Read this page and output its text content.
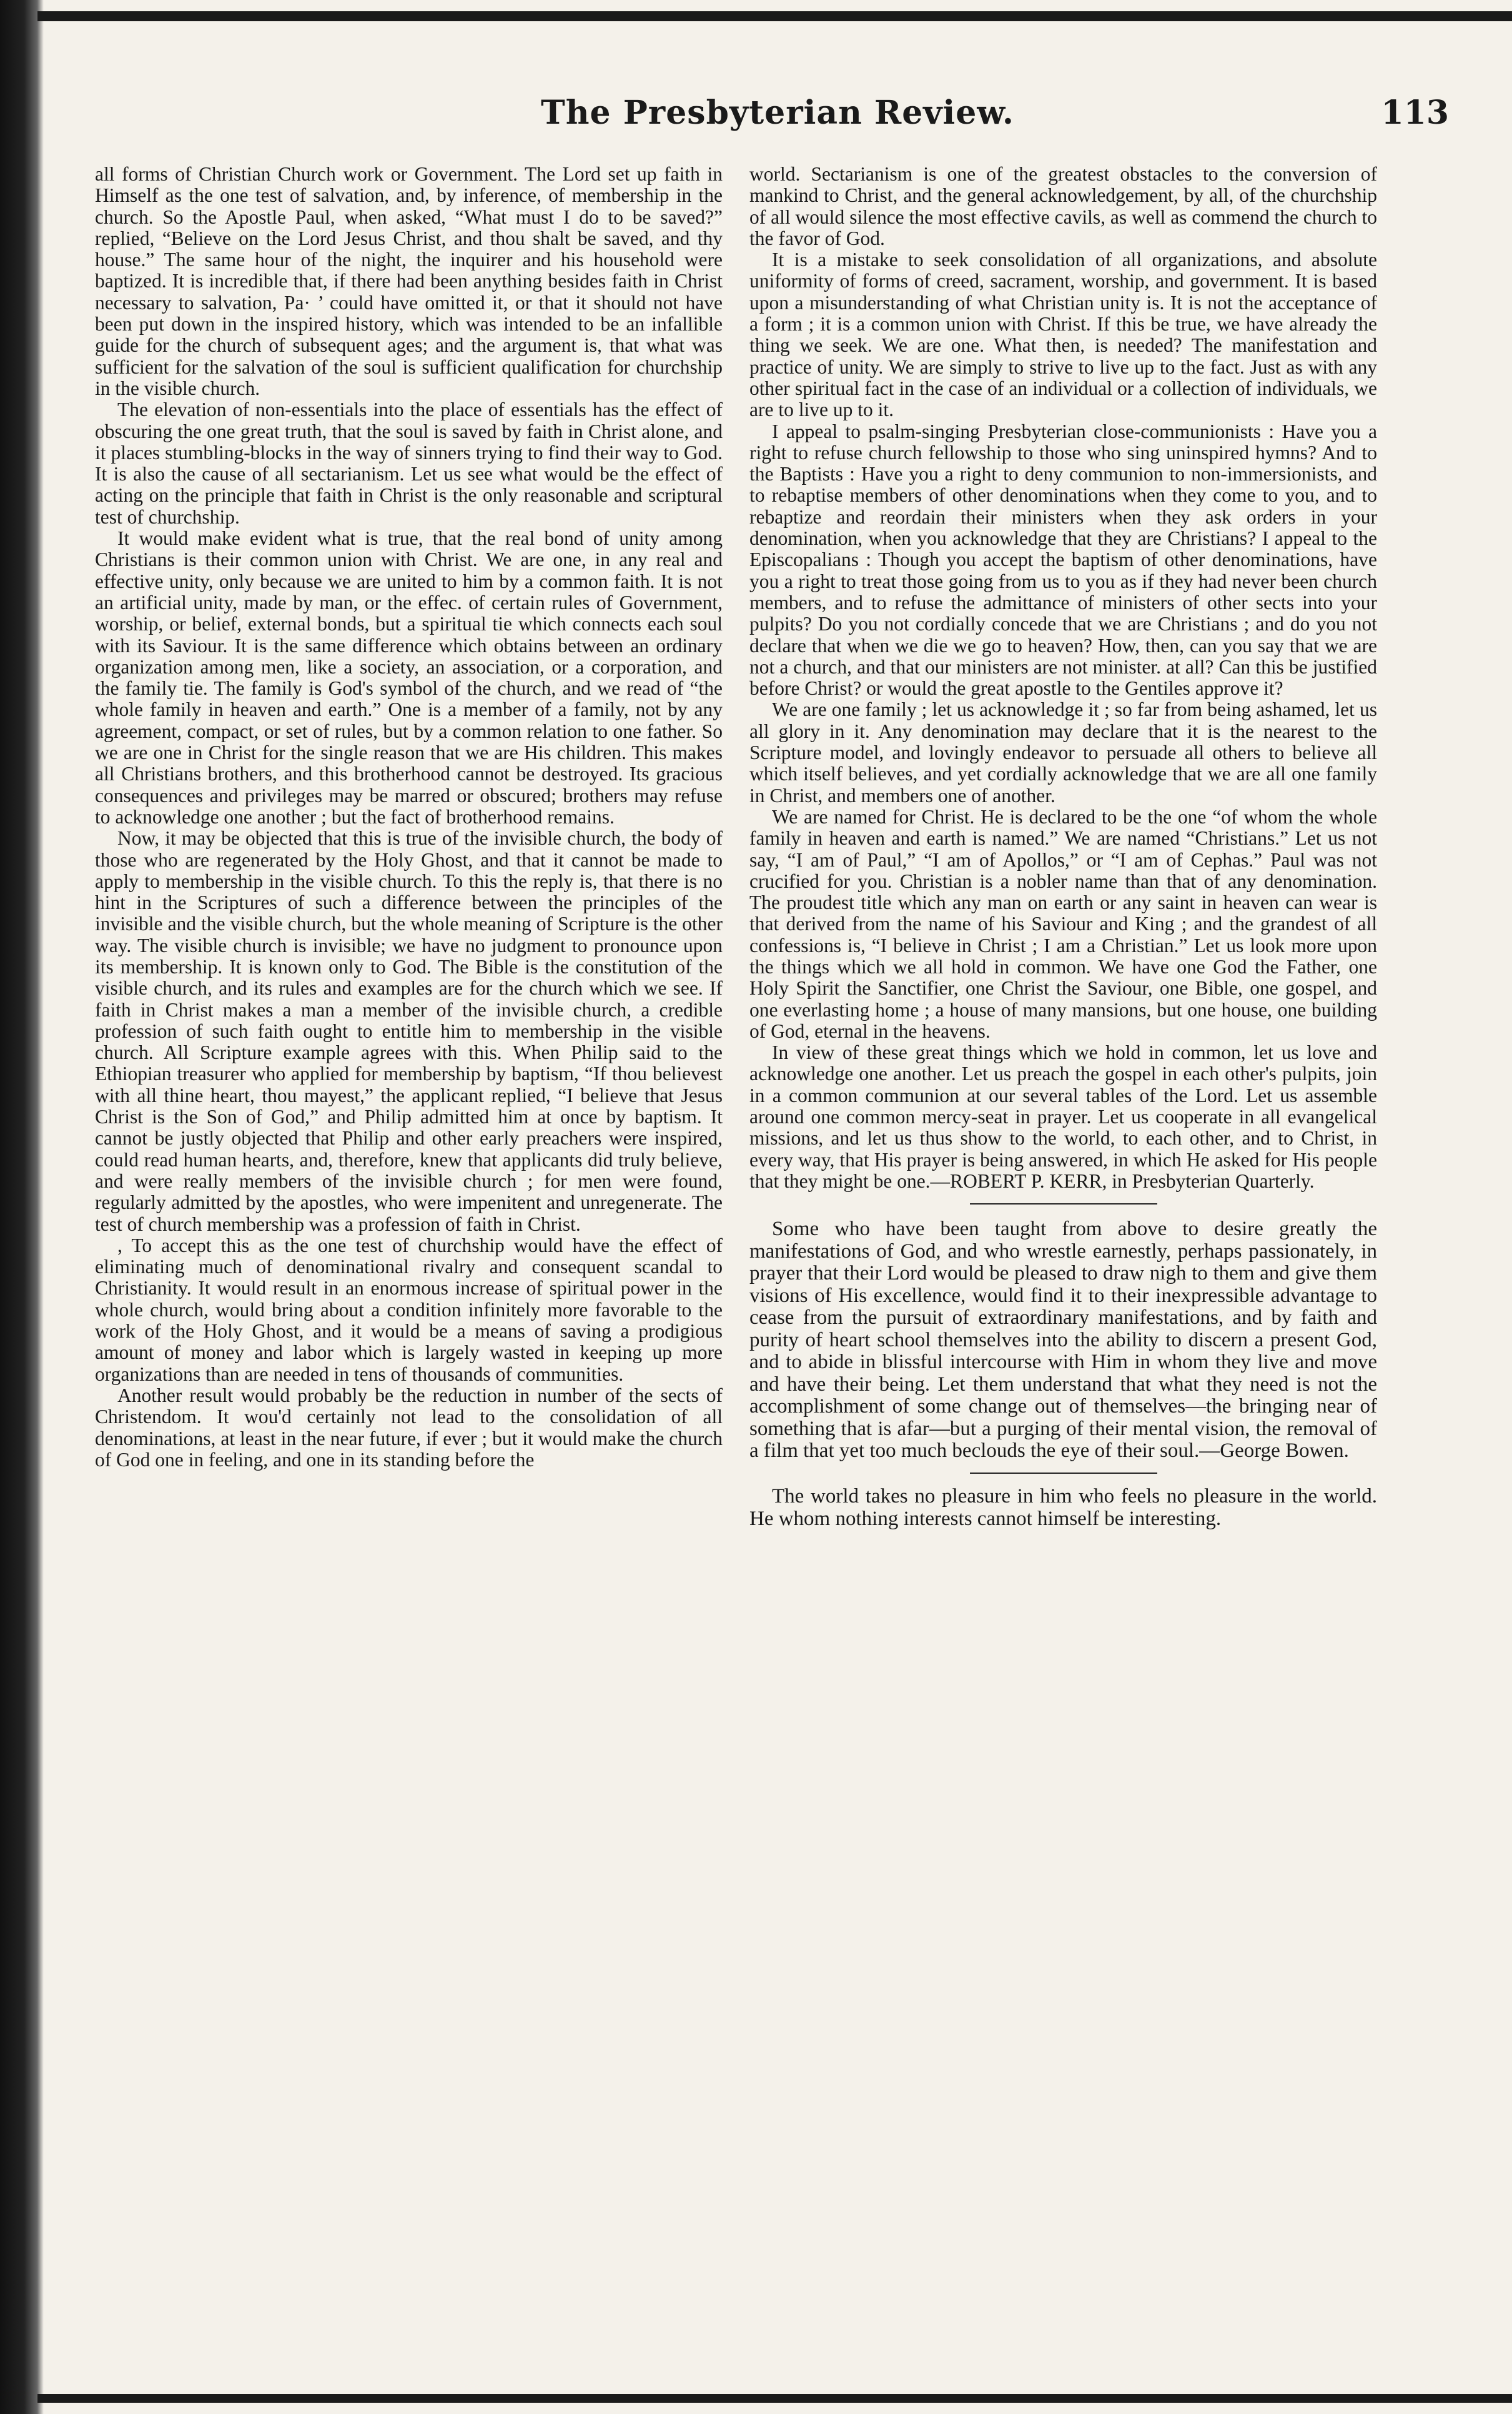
The Presbyterian Review.	113

all forms of Christian Church work or Government. The Lord set up faith in Himself as the one test of salvation, and, by inference, of membership in the church. So the Apostle Paul, when asked, “What must I do to be saved?” replied, “Believe on the Lord Jesus Christ, and thou shalt be saved, and thy house.” The same hour of the night, the inquirer and his household were baptized. It is incredible that, if there had been anything besides faith in Christ necessary to salvation, Pa· ’ could have omitted it, or that it should not have been put down in the inspired history, which was intended to be an infallible guide for the church of subsequent ages; and the argument is, that what was sufficient for the salvation of the soul is sufficient qualification for churchship in the visible church.

The elevation of non-essentials into the place of essentials has the effect of obscuring the one great truth, that the soul is saved by faith in Christ alone, and it places stumbling-blocks in the way of sinners trying to find their way to God. It is also the cause of all sectarianism. Let us see what would be the effect of acting on the principle that faith in Christ is the only reasonable and scriptural test of churchship.

It would make evident what is true, that the real bond of unity among Christians is their common union with Christ. We are one, in any real and effective unity, only because we are united to him by a common faith. It is not an artificial unity, made by man, or the effec. of certain rules of Government, worship, or belief, external bonds, but a spiritual tie which connects each soul with its Saviour. It is the same difference which obtains between an ordinary organization among men, like a society, an association, or a corporation, and the family tie. The family is God's symbol of the church, and we read of “the whole family in heaven and earth.” One is a member of a family, not by any agreement, compact, or set of rules, but by a common relation to one father. So we are one in Christ for the single reason that we are His children. This makes all Christians brothers, and this brotherhood cannot be destroyed. Its gracious consequences and privileges may be marred or obscured; brothers may refuse to acknowledge one another ; but the fact of brotherhood remains.

Now, it may be objected that this is true of the invisible church, the body of those who are regenerated by the Holy Ghost, and that it cannot be made to apply to membership in the visible church. To this the reply is, that there is no hint in the Scriptures of such a difference between the principles of the invisible and the visible church, but the whole meaning of Scripture is the other way. The visible church is invisible; we have no judgment to pronounce upon its membership. It is known only to God. The Bible is the constitution of the visible church, and its rules and examples are for the church which we see. If faith in Christ makes a man a member of the invisible church, a credible profession of such faith ought to entitle him to membership in the visible church. All Scripture example agrees with this. When Philip said to the Ethiopian treasurer who applied for membership by baptism, “If thou believest with all thine heart, thou mayest,” the applicant replied, “I believe that Jesus Christ is the Son of God,” and Philip admitted him at once by baptism. It cannot be justly objected that Philip and other early preachers were inspired, could read human hearts, and, therefore, knew that applicants did truly believe, and were really members of the invisible church ; for men were found, regularly admitted by the apostles, who were impenitent and unregenerate. The test of church membership was a profession of faith in Christ.

, To accept this as the one test of churchship would have the effect of eliminating much of denominational rivalry and consequent scandal to Christianity. It would result in an enormous increase of spiritual power in the whole church, would bring about a condition infinitely more favorable to the work of the Holy Ghost, and it would be a means of saving a prodigious amount of money and labor which is largely wasted in keeping up more organizations than are needed in tens of thousands of communities.

Another result would probably be the reduction in number of the sects of Christendom. It wou'd certainly not lead to the consolidation of all denominations, at least in the near future, if ever ; but it would make the church of God one in feeling, and one in its standing before the

world. Sectarianism is one of the greatest obstacles to the conversion of mankind to Christ, and the general acknowledgement, by all, of the churchship of all would silence the most effective cavils, as well as commend the church to the favor of God.

It is a mistake to seek consolidation of all organizations, and absolute uniformity of forms of creed, sacrament, worship, and government. It is based upon a misunderstanding of what Christian unity is. It is not the acceptance of a form ; it is a common union with Christ. If this be true, we have already the thing we seek. We are one. What then, is needed? The manifestation and practice of unity. We are simply to strive to live up to the fact. Just as with any other spiritual fact in the case of an individual or a collection of individuals, we are to live up to it.

I appeal to psalm-singing Presbyterian close-communionists : Have you a right to refuse church fellowship to those who sing uninspired hymns? And to the Baptists : Have you a right to deny communion to non-immersionists, and to rebaptise members of other denominations when they come to you, and to rebaptize and reordain their ministers when they ask orders in your denomination, when you acknowledge that they are Christians? I appeal to the Episcopalians : Though you accept the baptism of other denominations, have you a right to treat those going from us to you as if they had never been church members, and to refuse the admittance of ministers of other sects into your pulpits? Do you not cordially concede that we are Christians ; and do you not declare that when we die we go to heaven? How, then, can you say that we are not a church, and that our ministers are not minister. at all? Can this be justified before Christ? or would the great apostle to the Gentiles approve it?

We are one family ; let us acknowledge it ; so far from being ashamed, let us all glory in it. Any denomination may declare that it is the nearest to the Scripture model, and lovingly endeavor to persuade all others to believe all which itself believes, and yet cordially acknowledge that we are all one family in Christ, and members one of another.

We are named for Christ. He is declared to be the one “of whom the whole family in heaven and earth is named.” We are named “Christians.” Let us not say, “I am of Paul,” “I am of Apollos,” or “I am of Cephas.” Paul was not crucified for you. Christian is a nobler name than that of any denomination. The proudest title which any man on earth or any saint in heaven can wear is that derived from the name of his Saviour and King ; and the grandest of all confessions is, “I believe in Christ ; I am a Christian.” Let us look more upon the things which we all hold in common. We have one God the Father, one Holy Spirit the Sanctifier, one Christ the Saviour, one Bible, one gospel, and one everlasting home ; a house of many mansions, but one house, one building of God, eternal in the heavens.

In view of these great things which we hold in common, let us love and acknowledge one another. Let us preach the gospel in each other's pulpits, join in a common communion at our several tables of the Lord. Let us assemble around one common mercy-seat in prayer. Let us cooperate in all evangelical missions, and let us thus show to the world, to each other, and to Christ, in every way, that His prayer is being answered, in which He asked for His people that they might be one.—ROBERT P. KERR, in Presbyterian Quarterly.

Some who have been taught from above to desire greatly the manifestations of God, and who wrestle earnestly, perhaps passionately, in prayer that their Lord would be pleased to draw nigh to them and give them visions of His excellence, would find it to their inexpressible advantage to cease from the pursuit of extraordinary manifestations, and by faith and purity of heart school themselves into the ability to discern a present God, and to abide in blissful intercourse with Him in whom they live and move and have their being. Let them understand that what they need is not the accomplishment of some change out of themselves—the bringing near of something that is afar—but a purging of their mental vision, the removal of a film that yet too much beclouds the eye of their soul.—George Bowen.

The world takes no pleasure in him who feels no pleasure in the world. He whom nothing interests cannot himself be interesting.
